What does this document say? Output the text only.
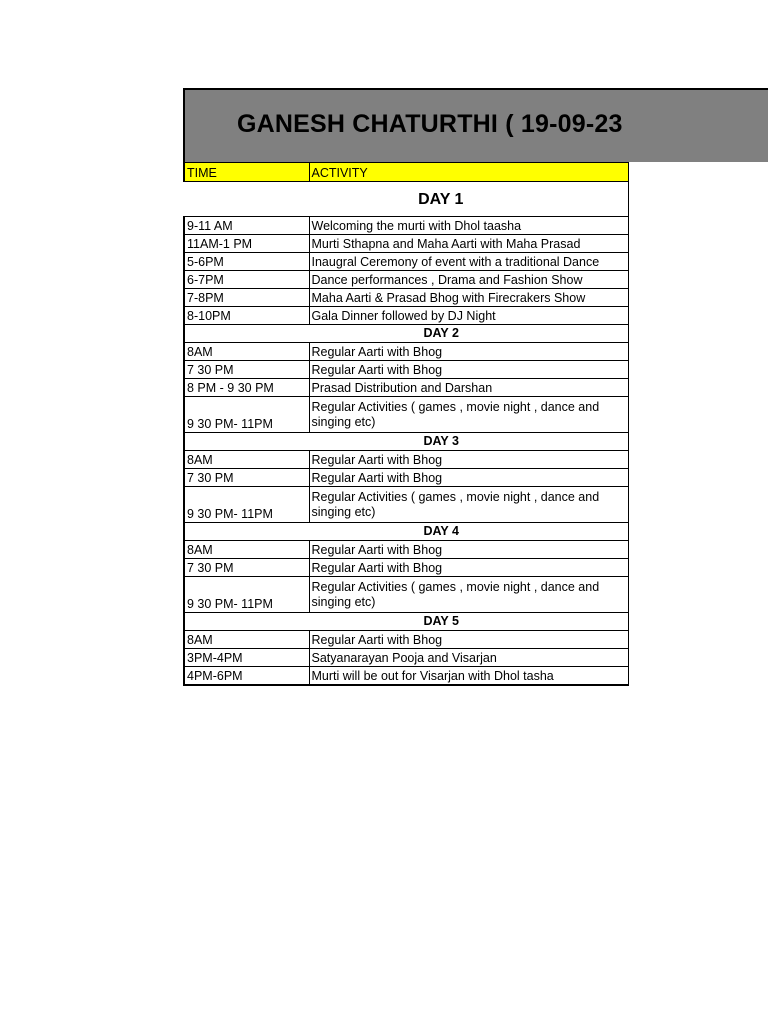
GANESH CHATURTHI ( 19-09-23
TIME	ACTIVITY
DAY 1	
9-11 AM	Welcoming the murti with Dhol taasha
11AM-1 PM	Murti Sthapna and Maha Aarti with Maha Prasad
5-6PM	Inaugral Ceremony of event with a traditional Dance
6-7PM	Dance performances , Drama and Fashion Show
7-8PM	Maha Aarti & Prasad Bhog with Firecrakers Show
8-10PM	Gala Dinner followed by DJ Night
DAY 2	
8AM	Regular Aarti with Bhog
7 30 PM	Regular Aarti with Bhog
8 PM - 9 30 PM	Prasad Distribution and Darshan
9 30 PM- 11PM	Regular Activities ( games , movie night , dance and singing etc)
DAY 3	
8AM	Regular Aarti with Bhog
7 30 PM	Regular Aarti with Bhog
9 30 PM- 11PM	Regular Activities ( games , movie night , dance and singing etc)
DAY 4	
8AM	Regular Aarti with Bhog
7 30 PM	Regular Aarti with Bhog
9 30 PM- 11PM	Regular Activities ( games , movie night , dance and singing etc)
DAY 5	
8AM	Regular Aarti with Bhog
3PM-4PM	Satyanarayan Pooja and Visarjan
4PM-6PM	Murti will be out for Visarjan with Dhol tasha
